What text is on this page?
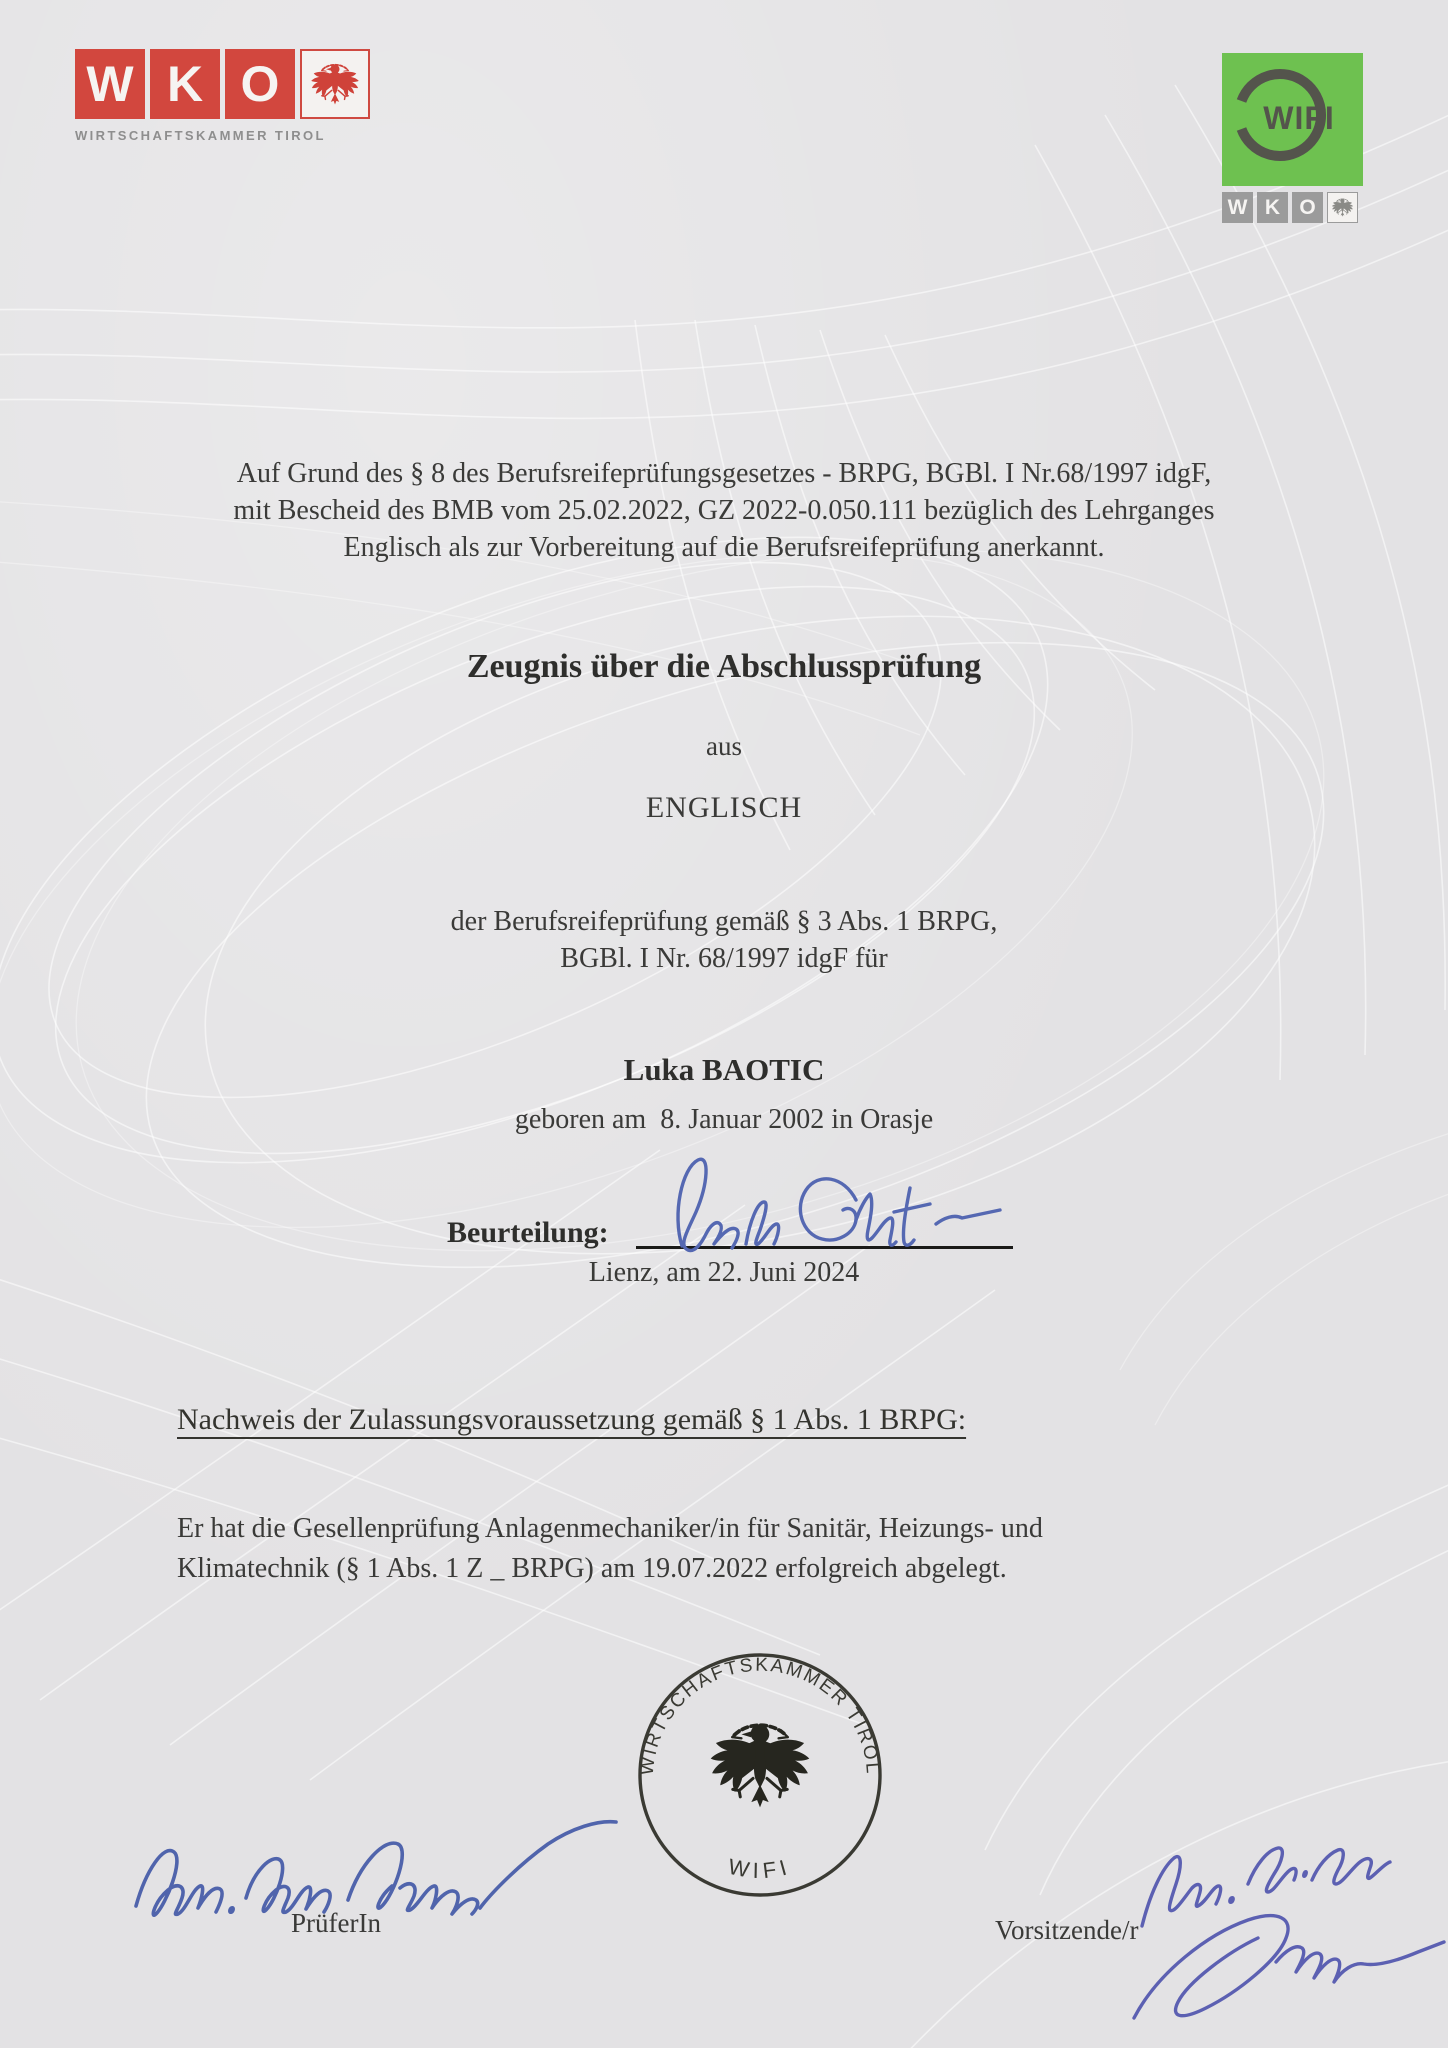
W K O
WIRTSCHAFTSKAMMER TIROL	WIFI
W K O
Auf Grund des § 8 des Berufsreifeprüfungsgesetzes - BRPG, BGBl. I Nr.68/1997 idgF,
mit Bescheid des BMB vom 25.02.2022, GZ 2022-0.050.111 bezüglich des Lehrganges
Englisch als zur Vorbereitung auf die Berufsreifeprüfung anerkannt.
Zeugnis über die Abschlussprüfung
aus
ENGLISCH
der Berufsreifeprüfung gemäß § 3 Abs. 1 BRPG,
BGBl. I Nr. 68/1997 idgF für
Luka BAOTIC
geboren am  8. Januar 2002 in Orasje
Beurteilung:
Lienz, am 22. Juni 2024
Nachweis der Zulassungsvoraussetzung gemäß § 1 Abs. 1 BRPG:
Er hat die Gesellenprüfung Anlagenmechaniker/in für Sanitär, Heizungs- und
Klimatechnik (§ 1 Abs. 1 Z _ BRPG) am 19.07.2022 erfolgreich abgelegt.
WIRTSCHAFTSKAMMER TIROL
WIFI
PrüferIn	Vorsitzende/r
